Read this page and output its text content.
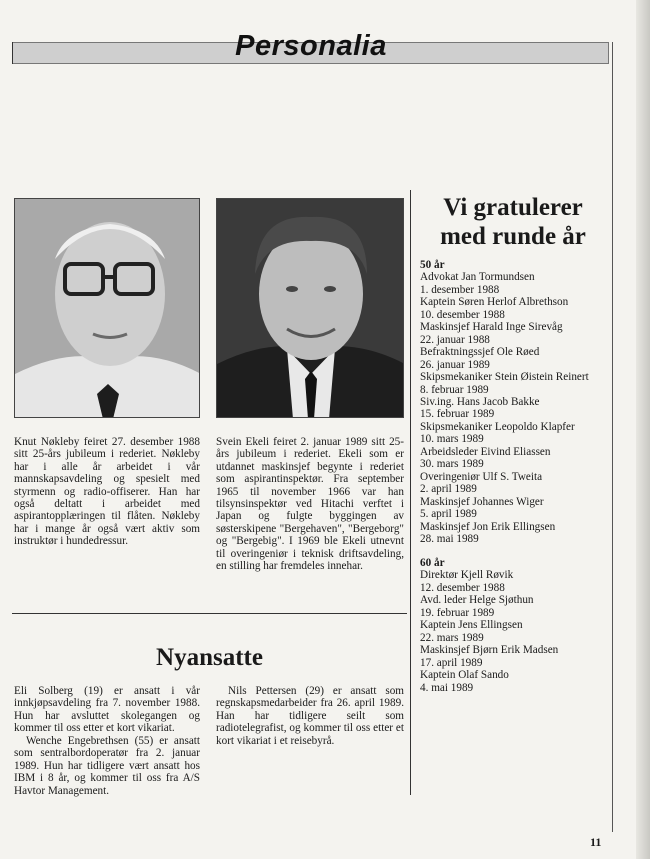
Personalia

Knut Nøkleby feiret 27. desember 1988 sitt 25-års jubileum i rederiet. Nøkleby har i alle år arbeidet i vår mannskapsavdeling og spesielt med styrmenn og radio-offiserer. Han har også deltatt i arbeidet med aspirantopplæringen til flåten. Nøkleby har i mange år også vært aktiv som instruktør i hundedressur.

Svein Ekeli feiret 2. januar 1989 sitt 25-års jubileum i rederiet. Ekeli som er utdannet maskinsjef begynte i rederiet som aspirantinspektør. Fra september 1965 til november 1966 var han tilsynsinspektør ved Hitachi verftet i Japan og fulgte byggingen av søsterskipene "Bergehaven", "Bergeborg" og "Bergebig". I 1969 ble Ekeli utnevnt til overingeniør i teknisk driftsavdeling, en stilling har fremdeles innehar.

Vi gratulerer
med runde år
50 år
Advokat Jan Tormundsen
1. desember 1988
Kaptein Søren Herlof Albrethson
10. desember 1988
Maskinsjef Harald Inge Sirevåg
22. januar 1988
Befraktningssjef Ole Røed
26. januar 1989
Skipsmekaniker Stein Øistein Reinert
8. februar 1989
Siv.ing. Hans Jacob Bakke
15. februar 1989
Skipsmekaniker Leopoldo Klapfer
10. mars 1989
Arbeidsleder Eivind Eliassen
30. mars 1989
Overingeniør Ulf S. Tweita
2. april 1989
Maskinsjef Johannes Wiger
5. april 1989
Maskinsjef Jon Erik Ellingsen
28. mai 1989
60 år
Direktør Kjell Røvik
12. desember 1988
Avd. leder Helge Sjøthun
19. februar 1989
Kaptein Jens Ellingsen
22. mars 1989
Maskinsjef Bjørn Erik Madsen
17. april 1989
Kaptein Olaf Sando
4. mai 1989
Nyansatte

Eli Solberg (19) er ansatt i vår innkjøpsavdeling fra 7. november 1988. Hun har avsluttet skolegangen og kommer til oss etter et kort vikariat.

Wenche Engebrethsen (55) er ansatt som sentralbordoperatør fra 2. januar 1989. Hun har tidligere vært ansatt hos IBM i 8 år, og kommer til oss fra A/S Havtor Management.

Nils Pettersen (29) er ansatt som regnskapsmedarbeider fra 26. april 1989. Han har tidligere seilt som radiotelegrafist, og kommer til oss etter et kort vikariat i et reisebyrå.

11
